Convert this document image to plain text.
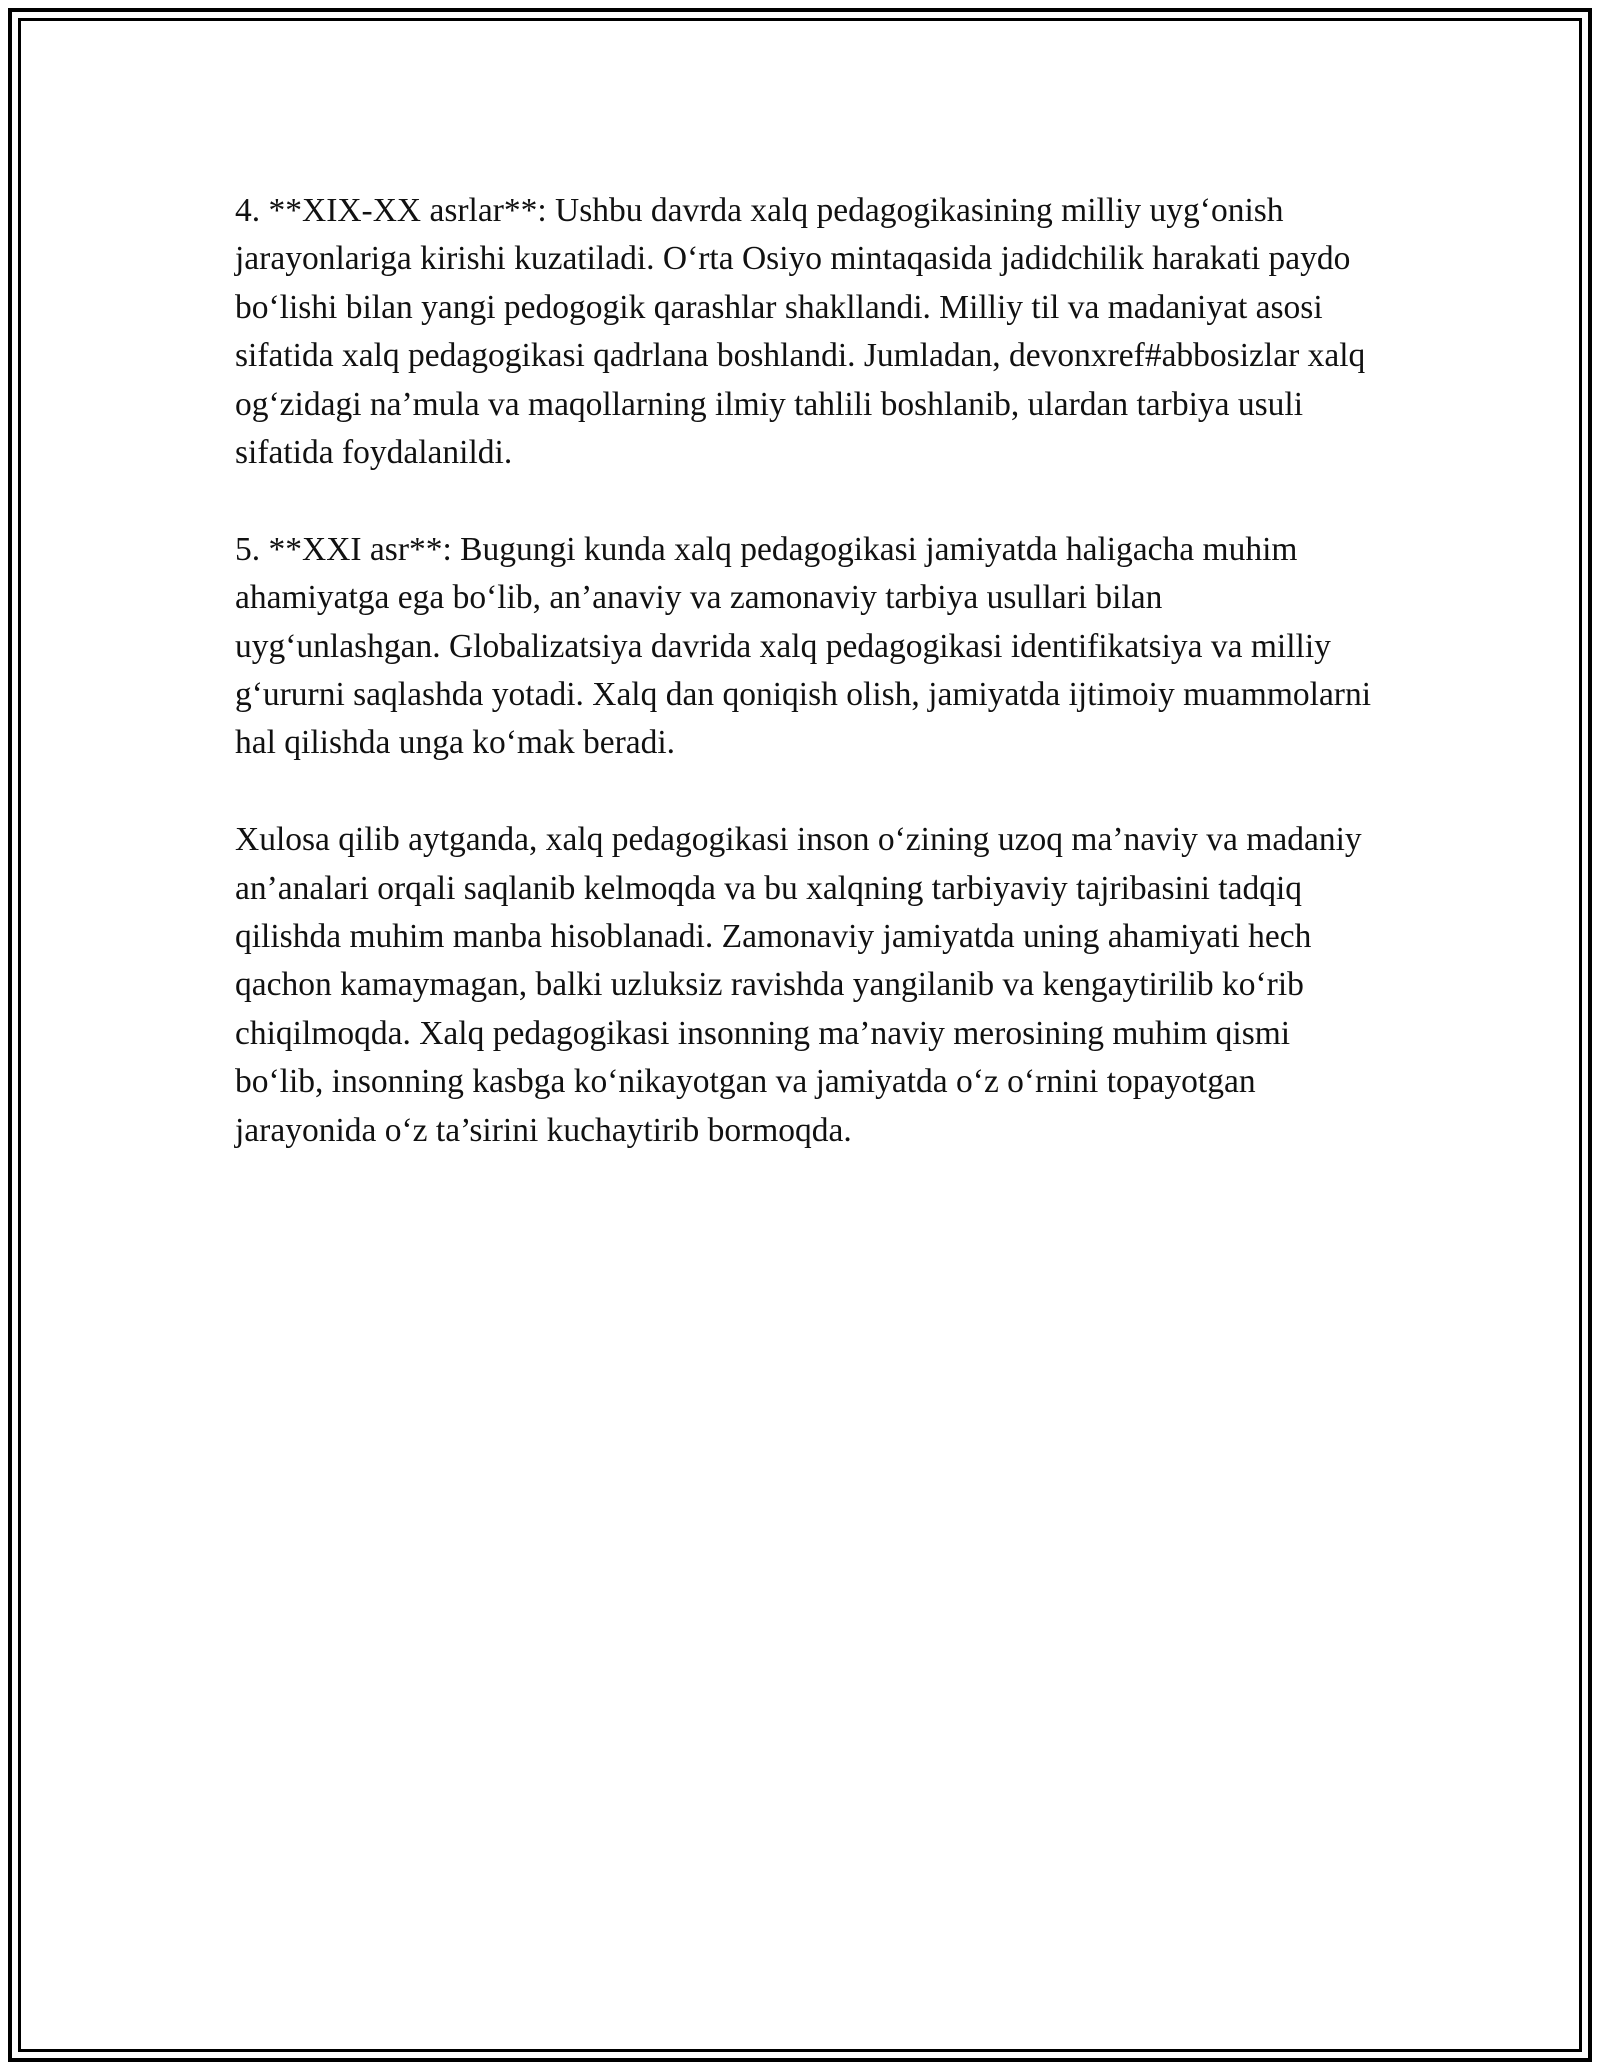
4. **XIX-XX asrlar**: Ushbu davrda xalq pedagogikasining milliy uyg‘onish jarayonlariga kirishi kuzatiladi. O‘rta Osiyo mintaqasida jadidchilik harakati paydo bo‘lishi bilan yangi pedogogik qarashlar shakllandi. Milliy til va madaniyat asosi sifatida xalq pedagogikasi qadrlana boshlandi. Jumladan, devonxref#abbosizlar xalq og‘zidagi na’mula va maqollarning ilmiy tahlili boshlanib, ulardan tarbiya usuli sifatida foydalanildi.

5. **XXI asr**: Bugungi kunda xalq pedagogikasi jamiyatda haligacha muhim ahamiyatga ega bo‘lib, an’anaviy va zamonaviy tarbiya usullari bilan uyg‘unlashgan. Globalizatsiya davrida xalq pedagogikasi identifikatsiya va milliy g‘ururni saqlashda yotadi. Xalq dan qoniqish olish, jamiyatda ijtimoiy muammolarni hal qilishda unga ko‘mak beradi.

Xulosa qilib aytganda, xalq pedagogikasi inson o‘zining uzoq ma’naviy va madaniy an’analari orqali saqlanib kelmoqda va bu xalqning tarbiyaviy tajribasini tadqiq qilishda muhim manba hisoblanadi. Zamonaviy jamiyatda uning ahamiyati hech qachon kamaymagan, balki uzluksiz ravishda yangilanib va kengaytirilib ko‘rib chiqilmoqda. Xalq pedagogikasi insonning ma’naviy merosining muhim qismi bo‘lib, insonning kasbga ko‘nikayotgan va jamiyatda o‘z o‘rnini topayotgan jarayonida o‘z ta’sirini kuchaytirib bormoqda.
